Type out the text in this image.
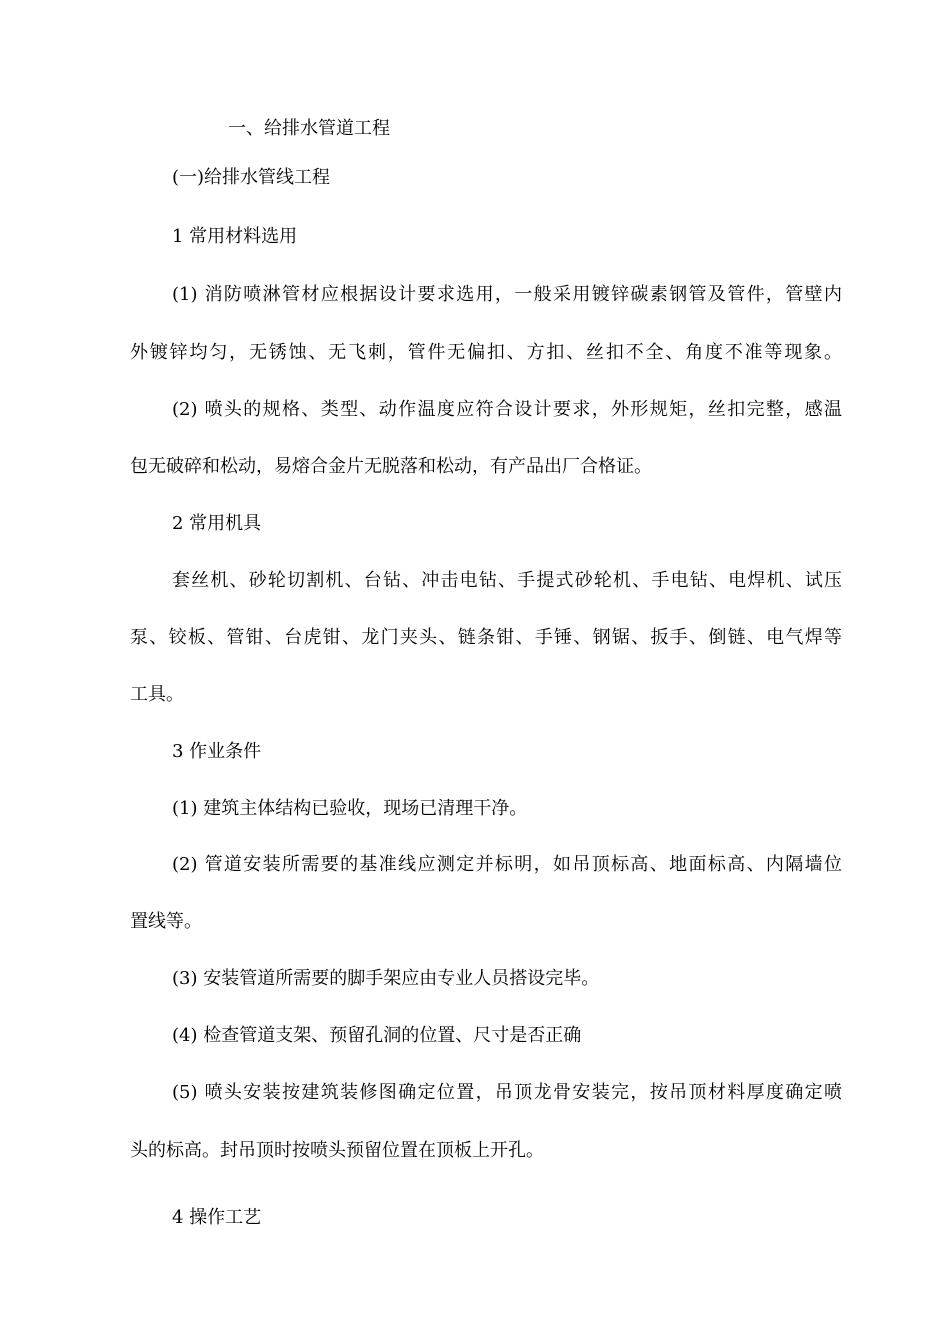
一、给排水管道工程
(一)给排水管线工程
1 常用材料选用
(1) 消防喷淋管材应根据设计要求选用，一般采用镀锌碳素钢管及管件，管壁内
外镀锌均匀，无锈蚀、无飞刺，管件无偏扣、方扣、丝扣不全、角度不准等现象。
(2) 喷头的规格、类型、动作温度应符合设计要求，外形规矩，丝扣完整，感温
包无破碎和松动，易熔合金片无脱落和松动，有产品出厂合格证。
2 常用机具
套丝机、砂轮切割机、台钻、冲击电钻、手提式砂轮机、手电钻、电焊机、试压
泵、铰板、管钳、台虎钳、龙门夹头、链条钳、手锤、钢锯、扳手、倒链、电气焊等
工具。
3 作业条件
(1) 建筑主体结构已验收，现场已清理干净。
(2) 管道安装所需要的基准线应测定并标明，如吊顶标高、地面标高、内隔墙位
置线等。
(3) 安装管道所需要的脚手架应由专业人员搭设完毕。
(4) 检查管道支架、预留孔洞的位置、尺寸是否正确
(5) 喷头安装按建筑装修图确定位置，吊顶龙骨安装完，按吊顶材料厚度确定喷
头的标高。封吊顶时按喷头预留位置在顶板上开孔。
4 操作工艺
